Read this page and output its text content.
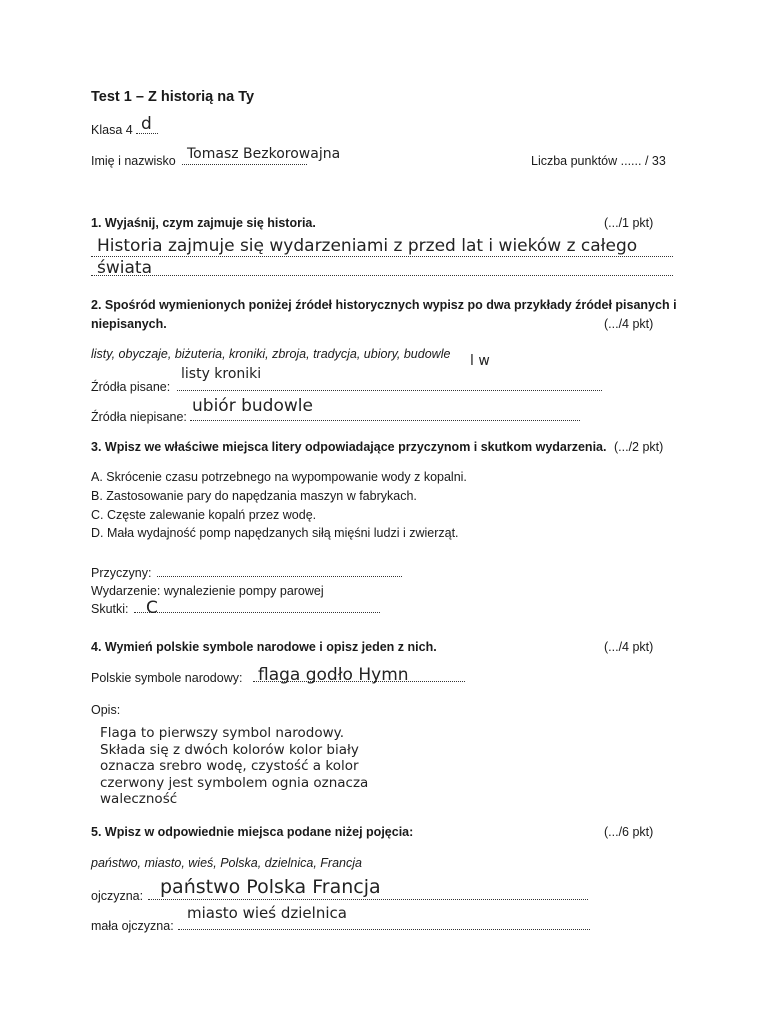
Test 1 – Z historią na Ty
Klasa 4 d
Imię i nazwisko Tomasz Bezkorowajna	Liczba punktów ...... / 33
1. Wyjaśnij, czym zajmuje się historia.	(.../1 pkt)
Historia zajmuje się wydarzeniami z przed lat i wieków z całego
świata
2. Spośród wymienionych poniżej źródeł historycznych wypisz po dwa przykłady źródeł pisanych i
niepisanych.	(.../4 pkt)
listy, obyczaje, biżuteria, kroniki, zbroja, tradycja, ubiory, budowle l w
Źródła pisane:
listy kroniki
Źródła niepisane:
ubiór budowle
3. Wpisz we właściwe miejsca litery odpowiadające przyczynom i skutkom wydarzenia. (.../2 pkt)
A. Skrócenie czasu potrzebnego na wypompowanie wody z kopalni.
B. Zastosowanie pary do napędzania maszyn w fabrykach.
C. Częste zalewanie kopalń przez wodę.
D. Mała wydajność pomp napędzanych siłą mięśni ludzi i zwierząt.
Przyczyny:
Wydarzenie: wynalezienie pompy parowej
Skutki: C
4. Wymień polskie symbole narodowe i opisz jeden z nich.	(.../4 pkt)
Polskie symbole narodowy: flaga godło Hymn
Opis:
Flaga to pierwszy symbol narodowy.
Składa się z dwóch kolorów kolor biały
oznacza srebro wodę, czystość a kolor
czerwony jest symbolem ognia oznacza
waleczność
5. Wpisz w odpowiednie miejsca podane niżej pojęcia:	(.../6 pkt)
państwo, miasto, wieś, Polska, dzielnica, Francja
ojczyzna: państwo Polska Francja
mała ojczyzna:
miasto wieś dzielnica
